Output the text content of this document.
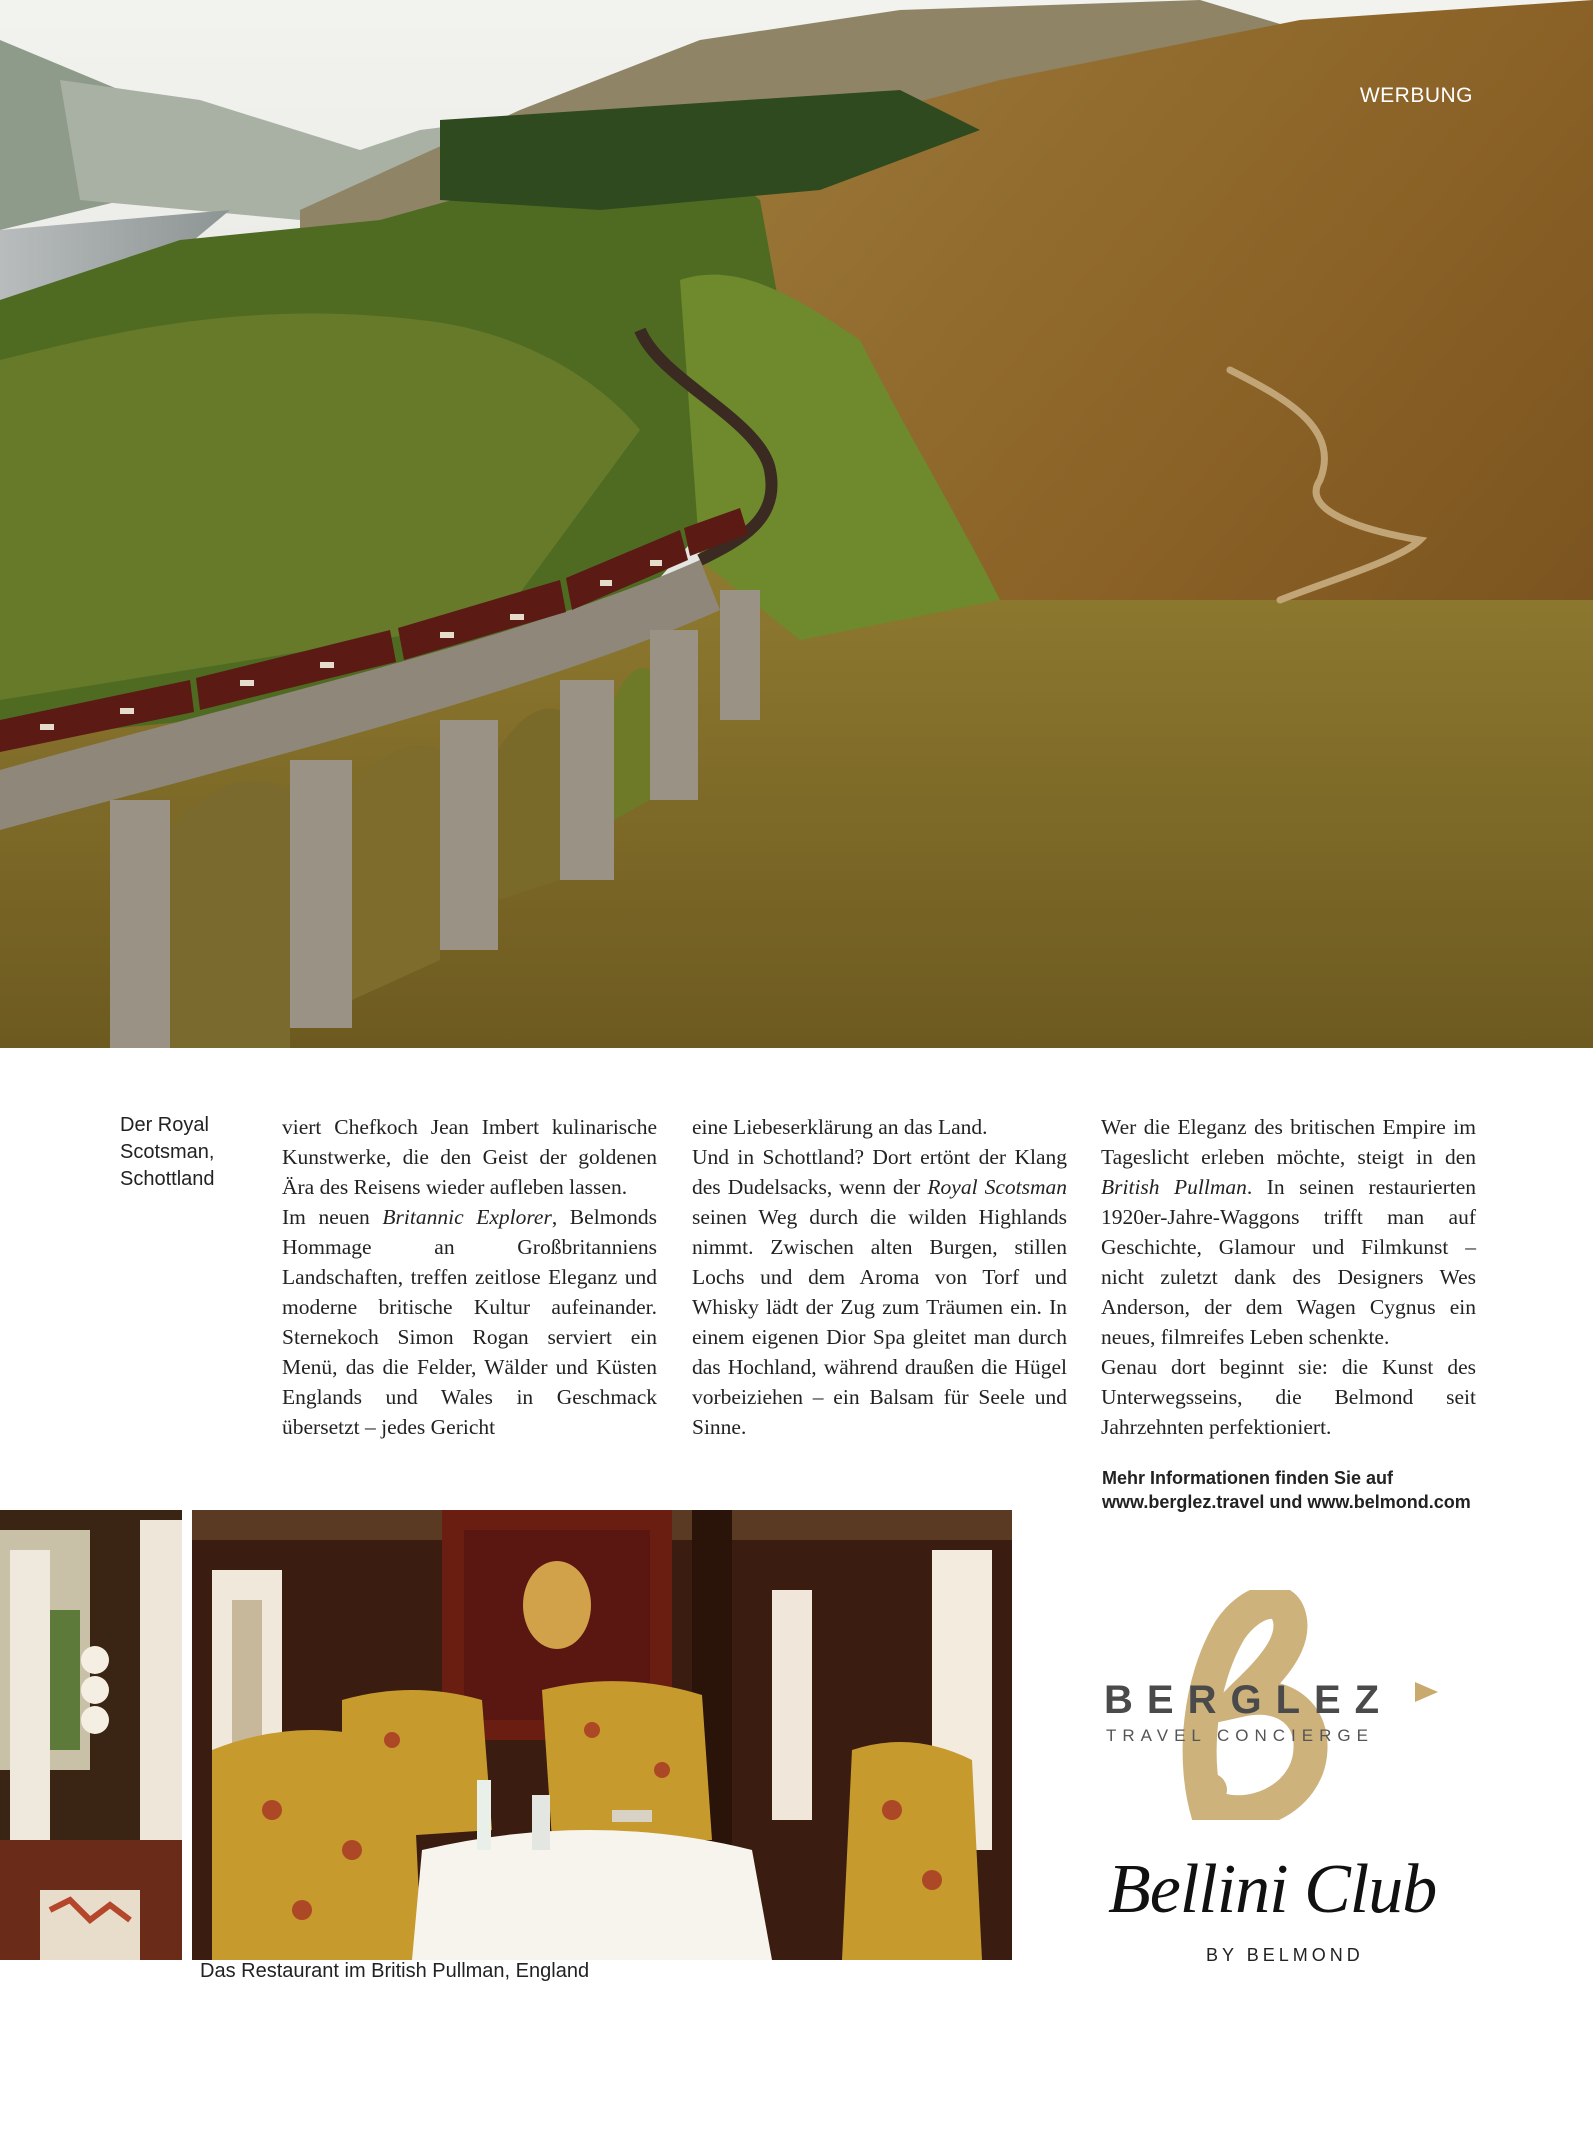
WERBUNG
Der Royal
Scotsman,
Schottland

viert Chefkoch Jean Imbert kulinarische Kunstwerke, die den Geist der goldenen Ära des Reisens wieder aufleben lassen.

Im neuen Britannic Explorer, Belmonds Hommage an Großbritanniens Landschaften, treffen zeitlose Eleganz und moderne britische Kultur aufeinander. Sternekoch Simon Rogan serviert ein Menü, das die Felder, Wälder und Küsten Englands und Wales in Geschmack übersetzt – jedes Gericht

eine Liebeserklärung an das Land.

Und in Schottland? Dort ertönt der Klang des Dudelsacks, wenn der Royal Scotsman seinen Weg durch die wilden Highlands nimmt. Zwischen alten Burgen, stillen Lochs und dem Aroma von Torf und Whisky lädt der Zug zum Träumen ein. In einem eigenen Dior Spa gleitet man durch das Hochland, während draußen die Hügel vorbeiziehen – ein Balsam für Seele und Sinne.

Wer die Eleganz des britischen Empire im Tageslicht erleben möchte, steigt in den British Pullman. In seinen restaurierten 1920er-Jahre-Waggons trifft man auf Geschichte, Glamour und Filmkunst – nicht zuletzt dank des Designers Wes Anderson, der dem Wagen Cygnus ein neues, filmreifes Leben schenkte.

Genau dort beginnt sie: die Kunst des Unterwegsseins, die Belmond seit Jahrzehnten perfektioniert.

Mehr Informationen finden Sie auf
www.berglez.travel und www.belmond.com
Das Restaurant im British Pullman, England
BERGLEZ
TRAVEL CONCIERGE
Bellini Club
BY BELMOND
